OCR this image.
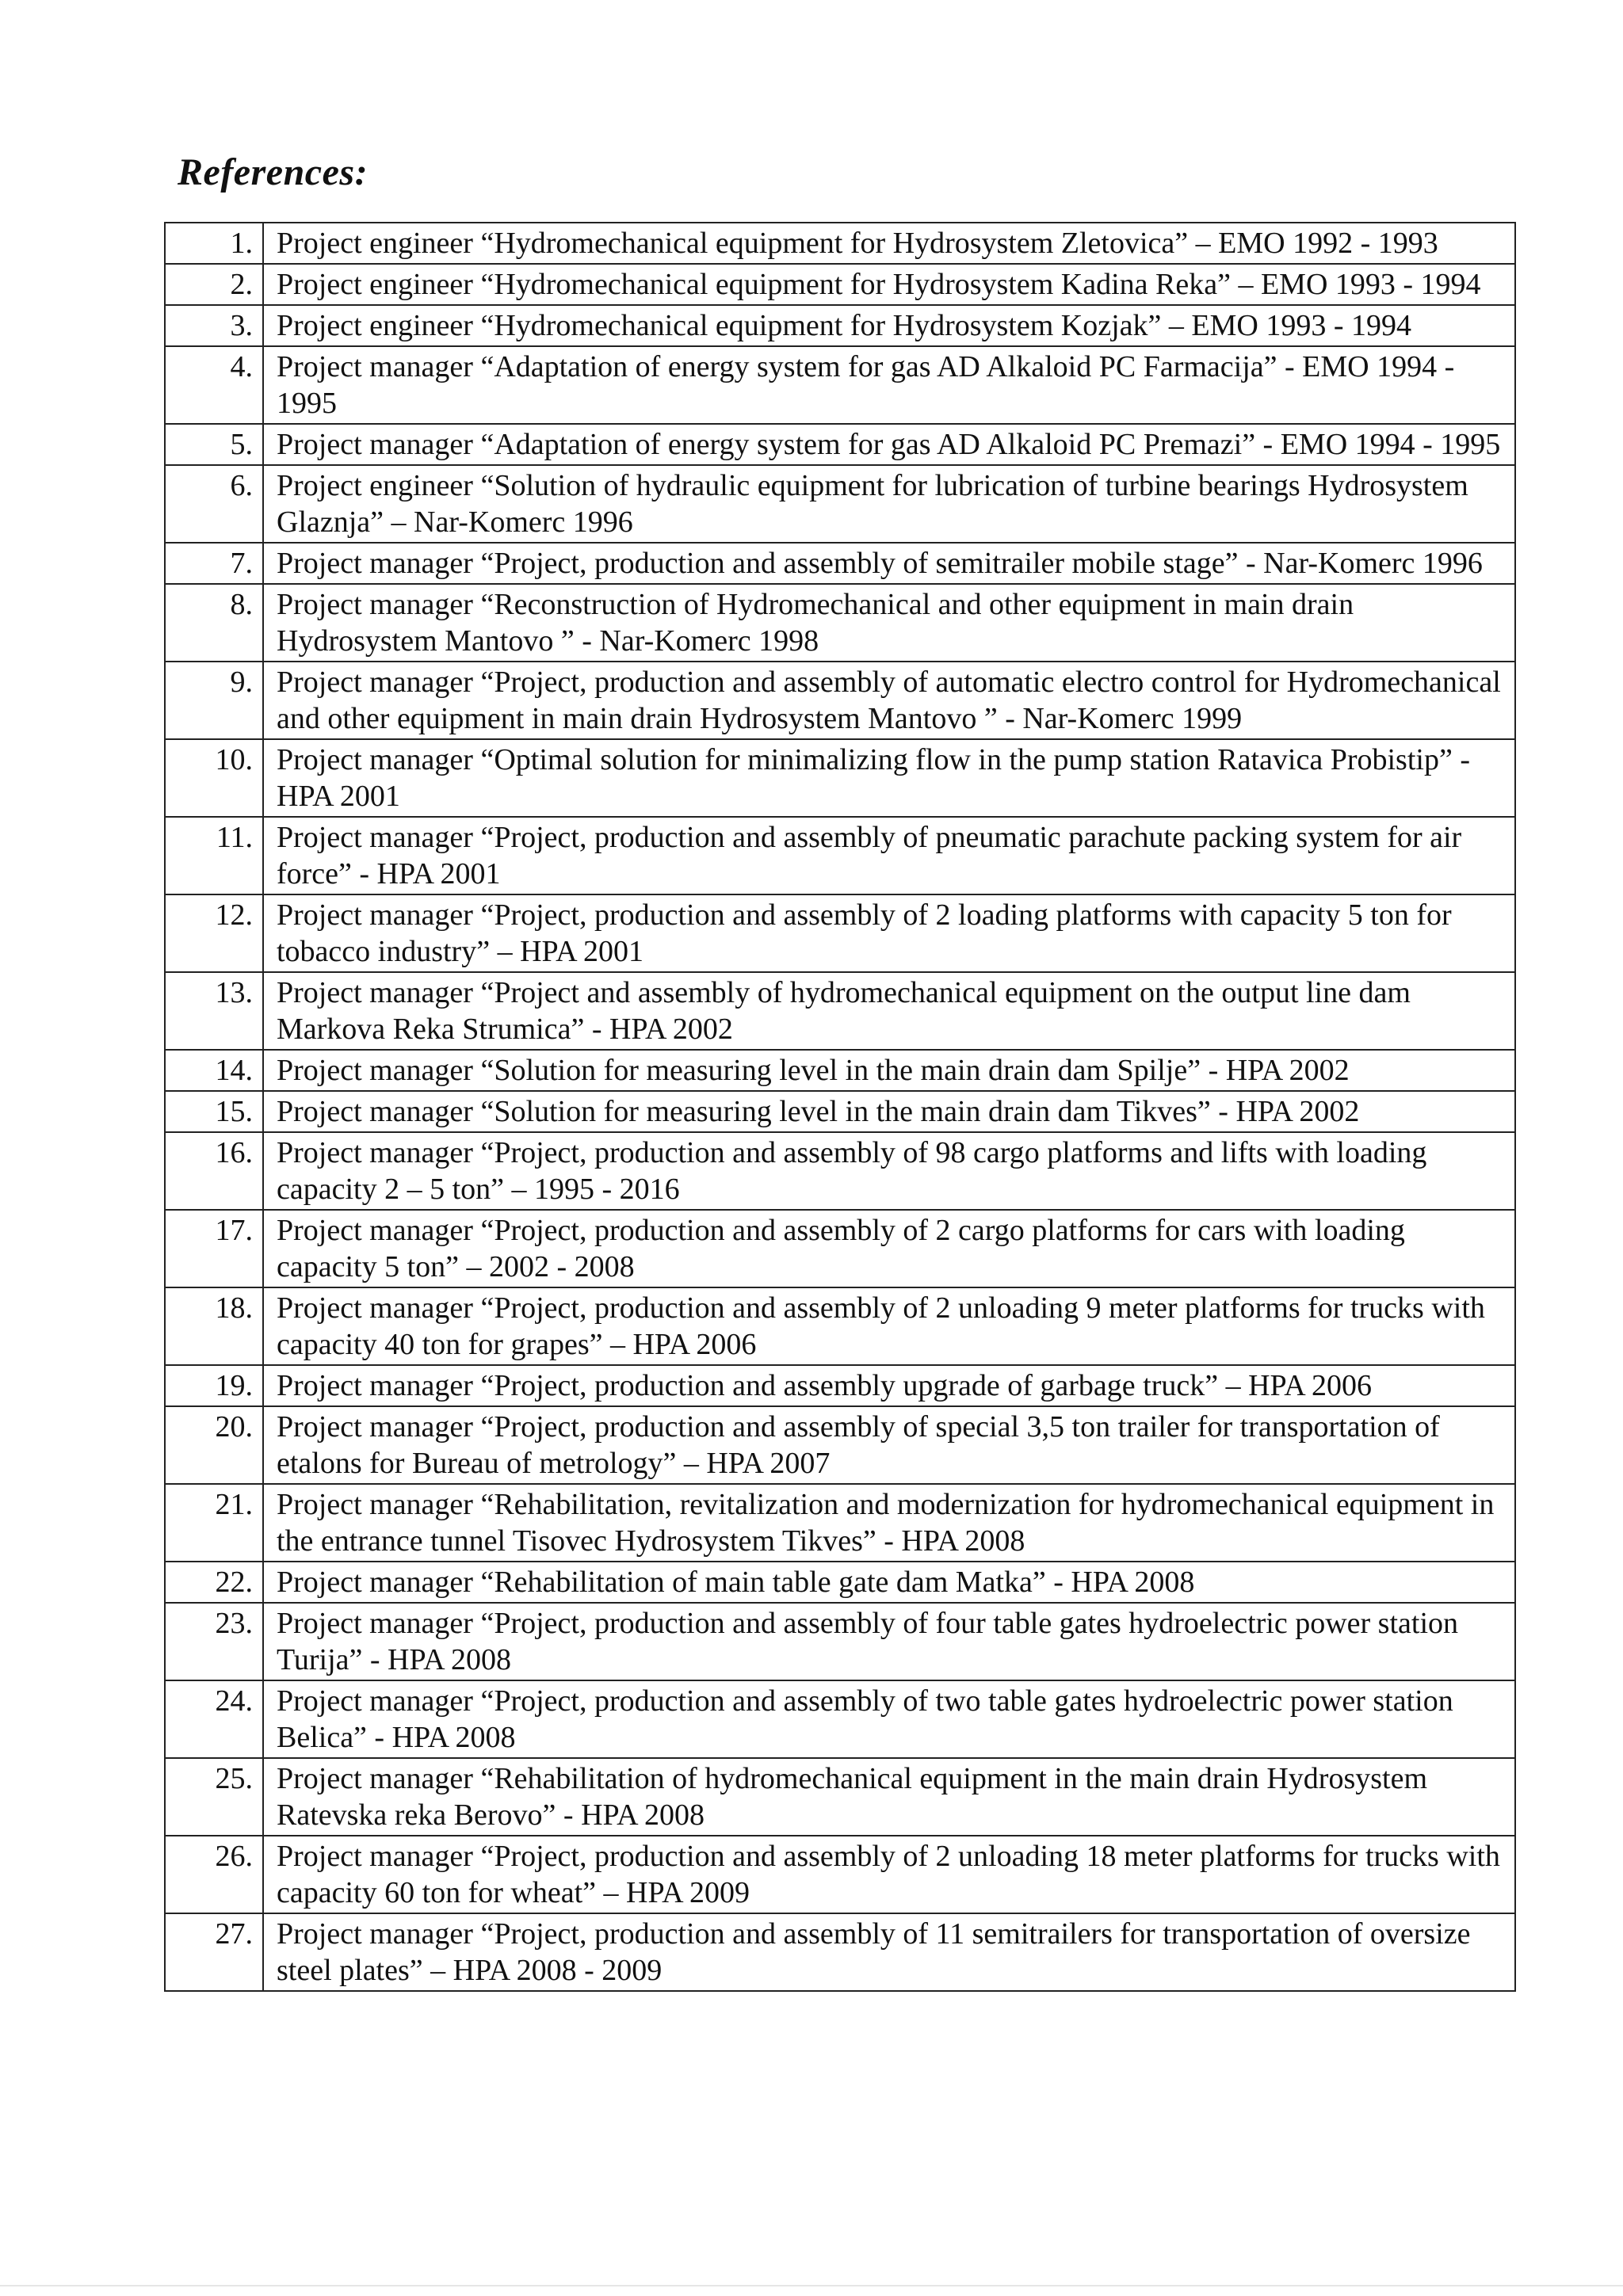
References:
1.	Project engineer “Hydromechanical equipment for Hydrosystem Zletovica” – EMO 1992 - 1993
2.	Project engineer “Hydromechanical equipment for Hydrosystem Kadina Reka” – EMO 1993 - 1994
3.	Project engineer “Hydromechanical equipment for Hydrosystem Kozjak” – EMO 1993 - 1994
4.	Project manager “Adaptation of energy system for gas AD Alkaloid PC Farmacija” - EMO 1994 - 1995
5.	Project manager “Adaptation of energy system for gas AD Alkaloid PC Premazi” - EMO 1994 - 1995
6.	Project engineer “Solution of hydraulic equipment for lubrication of turbine bearings Hydrosystem Glaznja” – Nar-Komerc 1996
7.	Project manager “Project, production and assembly of semitrailer mobile stage” - Nar-Komerc 1996
8.	Project manager “Reconstruction of Hydromechanical and other equipment in main drain Hydrosystem Mantovo ” - Nar-Komerc 1998
9.	Project manager “Project, production and assembly of automatic electro control for Hydromechanical and other equipment in main drain Hydrosystem Mantovo ” - Nar-Komerc 1999
10.	Project manager “Optimal solution for minimalizing flow in the pump station Ratavica Probistip” - HPA 2001
11.	Project manager “Project, production and assembly of pneumatic parachute packing system for air force” - HPA 2001
12.	Project manager “Project, production and assembly of 2 loading platforms with capacity 5 ton for tobacco industry” – HPA 2001
13.	Project manager “Project and assembly of hydromechanical equipment on the output line dam Markova Reka Strumica” - HPA 2002
14.	Project manager “Solution for measuring level in the main drain dam Spilje” - HPA 2002
15.	Project manager “Solution for measuring level in the main drain dam Tikves” - HPA 2002
16.	Project manager “Project, production and assembly of 98 cargo platforms and lifts with loading capacity 2 – 5 ton” – 1995 - 2016
17.	Project manager “Project, production and assembly of 2 cargo platforms for cars with loading capacity 5 ton” – 2002 - 2008
18.	Project manager “Project, production and assembly of 2 unloading 9 meter platforms for trucks with capacity 40 ton for grapes” – HPA 2006
19.	Project manager “Project, production and assembly upgrade of garbage truck” – HPA 2006
20.	Project manager “Project, production and assembly of special 3,5 ton trailer for transportation of etalons for Bureau of metrology” – HPA 2007
21.	Project manager “Rehabilitation, revitalization and modernization for hydromechanical equipment in the entrance tunnel Tisovec Hydrosystem Tikves” - HPA 2008
22.	Project manager “Rehabilitation of main table gate dam Matka” - HPA 2008
23.	Project manager “Project, production and assembly of four table gates hydroelectric power station Turija” - HPA 2008
24.	Project manager “Project, production and assembly of two table gates hydroelectric power station Belica” - HPA 2008
25.	Project manager “Rehabilitation of hydromechanical equipment in the main drain Hydrosystem Ratevska reka Berovo” - HPA 2008
26.	Project manager “Project, production and assembly of 2 unloading 18 meter platforms for trucks with capacity 60 ton for wheat” – HPA 2009
27.	Project manager “Project, production and assembly of 11 semitrailers for transportation of oversize steel plates” – HPA 2008 - 2009
